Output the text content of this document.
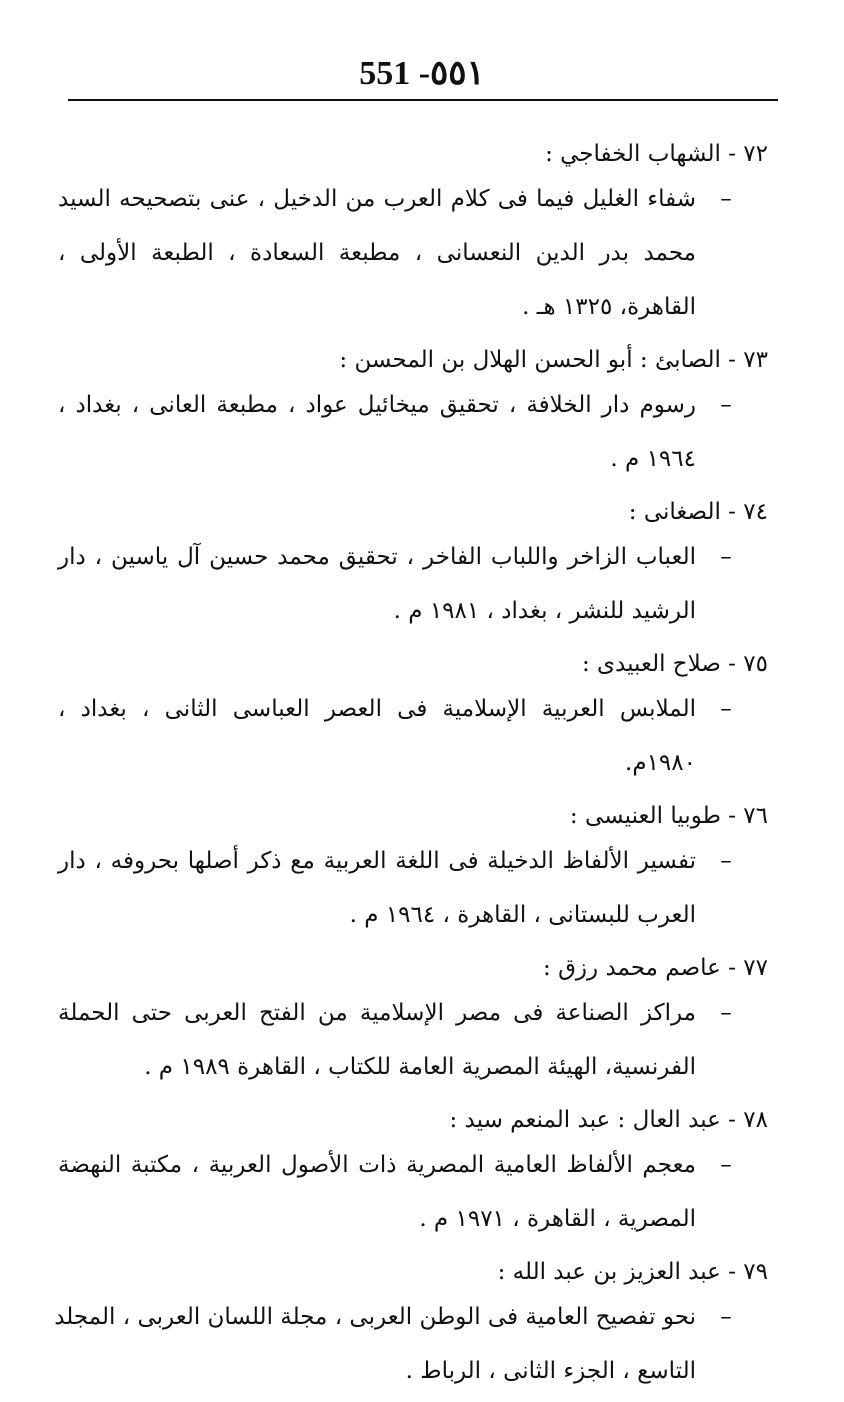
551 -٥٥١
٧٢ - الشهاب الخفاجي :
–
شفاء الغليل فيما فى كلام العرب من الدخيل ، عنى بتصحيحه السيد
محمد بدر الدين النعسانى ، مطبعة السعادة ، الطبعة الأولى ،
القاهرة، ١٣٢٥ هـ .
٧٣ - الصابئ : أبو الحسن الهلال بن المحسن :
–
رسوم دار الخلافة ، تحقيق ميخائيل عواد ، مطبعة العانى ، بغداد ،
١٩٦٤ م .
٧٤ - الصغانى :
–
العباب الزاخر واللباب الفاخر ، تحقيق محمد حسين آل ياسين ، دار
الرشيد للنشر ، بغداد ، ١٩٨١ م .
٧٥ - صلاح العبيدى :
–
الملابس العربية الإسلامية فى العصر العباسى الثانى ، بغداد ،
١٩٨٠م.
٧٦ - طوبيا العنيسى :
–
تفسير الألفاظ الدخيلة فى اللغة العربية مع ذكر أصلها بحروفه ، دار
العرب للبستانى ، القاهرة ، ١٩٦٤ م .
٧٧ - عاصم محمد رزق :
–
مراكز الصناعة فى مصر الإسلامية من الفتح العربى حتى الحملة
الفرنسية، الهيئة المصرية العامة للكتاب ، القاهرة ١٩٨٩ م .
٧٨ - عبد العال : عبد المنعم سيد :
–
معجم الألفاظ العامية المصرية ذات الأصول العربية ، مكتبة النهضة
المصرية ، القاهرة ، ١٩٧١ م .
٧٩ - عبد العزيز بن عبد الله :
–
نحو تفصيح العامية فى الوطن العربى ، مجلة اللسان العربى ، المجلد
التاسع ، الجزء الثانى ، الرباط .
